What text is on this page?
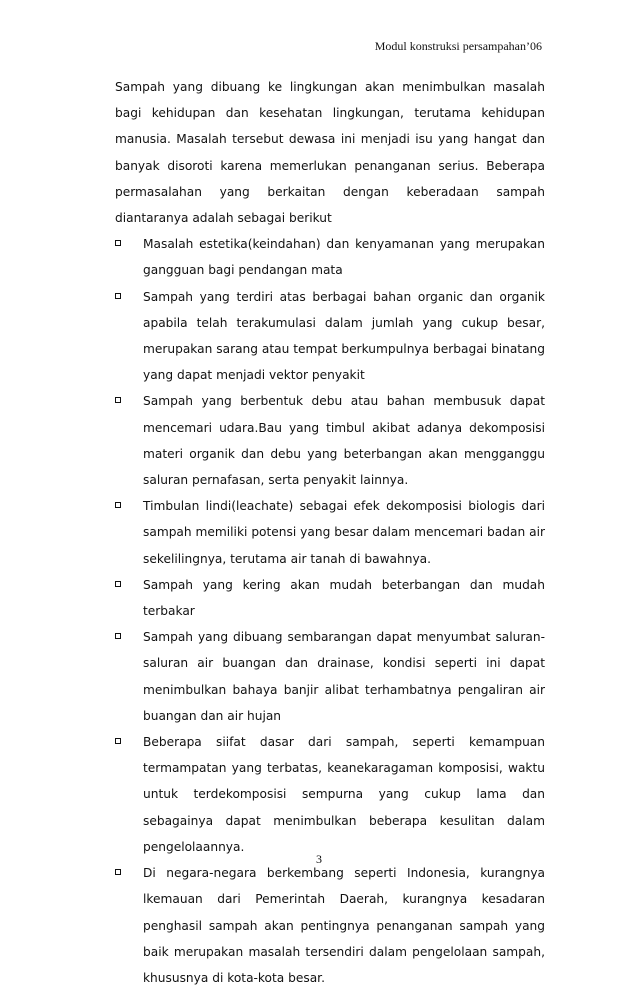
Modul konstruksi persampahan’06

Sampah yang dibuang ke lingkungan akan menimbulkan masalah bagi kehidupan dan kesehatan lingkungan, terutama kehidupan manusia. Masalah tersebut dewasa ini menjadi isu yang hangat dan banyak disoroti karena memerlukan penanganan serius. Beberapa permasalahan yang berkaitan dengan keberadaan sampah diantaranya adalah sebagai berikut

Masalah estetika(keindahan) dan kenyamanan yang merupakan gangguan bagi pendangan mata
Sampah yang terdiri atas berbagai bahan organic dan organik apabila telah terakumulasi dalam jumlah yang cukup besar, merupakan sarang atau tempat berkumpulnya berbagai binatang yang dapat menjadi vektor penyakit
Sampah yang berbentuk debu atau bahan membusuk dapat mencemari udara.Bau yang timbul akibat adanya dekomposisi materi organik dan debu yang beterbangan akan mengganggu saluran pernafasan, serta penyakit lainnya.
Timbulan lindi(leachate) sebagai efek dekomposisi biologis dari sampah memiliki potensi yang besar dalam mencemari badan air sekelilingnya, terutama air tanah di bawahnya.
Sampah yang kering akan mudah beterbangan dan mudah terbakar
Sampah yang dibuang sembarangan dapat menyumbat saluran-saluran air buangan dan drainase, kondisi seperti ini dapat menimbulkan bahaya banjir alibat terhambatnya pengaliran air buangan dan air hujan
Beberapa siifat dasar dari sampah, seperti kemampuan termampatan yang terbatas, keanekaragaman komposisi, waktu untuk terdekomposisi sempurna yang cukup lama dan sebagainya dapat menimbulkan beberapa kesulitan dalam pengelolaannya.
Di negara-negara berkembang seperti Indonesia, kurangnya lkemauan dari Pemerintah Daerah, kurangnya kesadaran penghasil sampah akan pentingnya penanganan sampah yang baik merupakan masalah tersendiri dalam pengelolaan sampah, khususnya di kota-kota besar.
3
